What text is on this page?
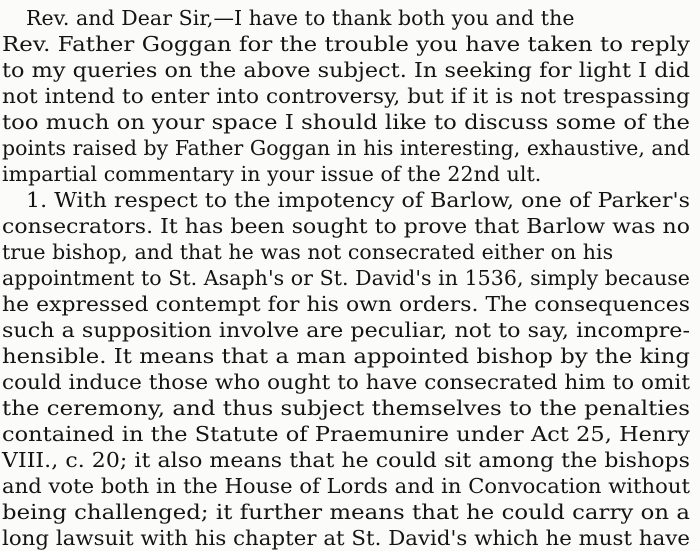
Rev. and Dear Sir,—I have to thank both you and the
Rev. Father Goggan for the trouble you have taken to reply
to my queries on the above subject. In seeking for light I did
not intend to enter into controversy, but if it is not trespassing
too much on your space I should like to discuss some of the
points raised by Father Goggan in his interesting, exhaustive, and
impartial commentary in your issue of the 22nd ult.
1. With respect to the impotency of Barlow, one of Parker's
consecrators. It has been sought to prove that Barlow was no
true bishop, and that he was not consecrated either on his
appointment to St. Asaph's or St. David's in 1536, simply because
he expressed contempt for his own orders. The consequences
such a supposition involve are peculiar, not to say, incompre-
hensible. It means that a man appointed bishop by the king
could induce those who ought to have consecrated him to omit
the ceremony, and thus subject themselves to the penalties
contained in the Statute of Praemunire under Act 25, Henry
VIII., c. 20; it also means that he could sit among the bishops
and vote both in the House of Lords and in Convocation without
being challenged; it further means that he could carry on a
long lawsuit with his chapter at St. David's which he must have
